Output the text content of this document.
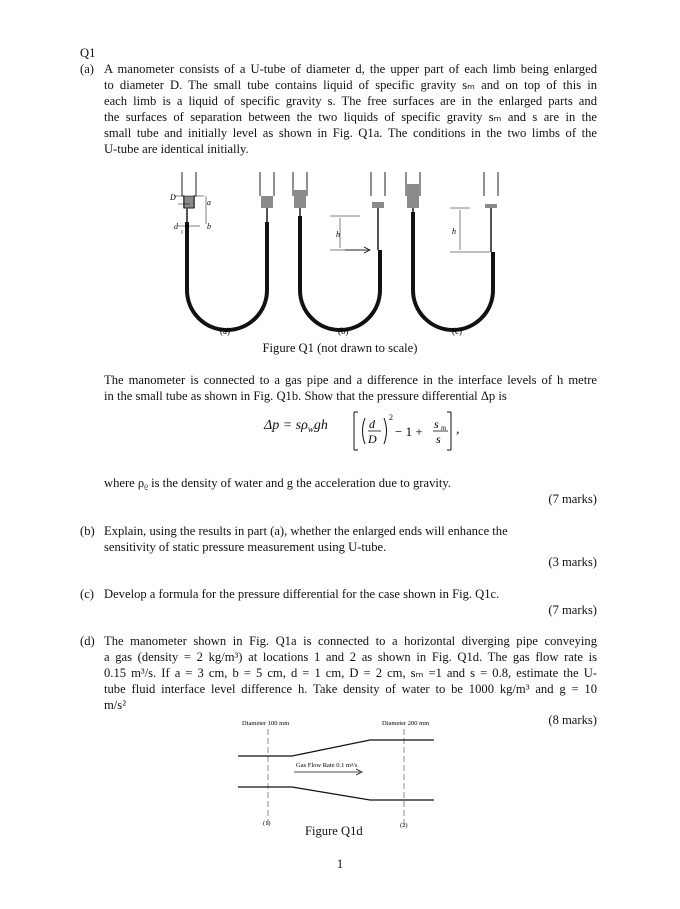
Q1
(a) A manometer consists of a U-tube of diameter d, the upper part of each limb being enlarged
to diameter D. The small tube contains liquid of specific gravity sₘ and on top of this in
each limb is a liquid of specific gravity s. The free surfaces are in the enlarged parts and
the surfaces of separation between the two liquids of specific gravity sₘ and s are in the
small tube and initially level as shown in Fig. Q1a. The conditions in the two limbs of the
U-tube are identical initially.
D
a
b
d
(a)
h
(b)
h
(c)
Figure Q1 (not drawn to scale)
The manometer is connected to a gas pipe and a difference in the interface levels of h metre
in the small tube as shown in Fig. Q1b. Show that the pressure differential Δp is
$\Delta p = s\rho_wgh$	d
D
2
− 1 + s m
s
,
where ρᵨ is the density of water and g the acceleration due to gravity.
(7 marks)
(b) Explain, using the results in part (a), whether the enlarged ends will enhance the
sensitivity of static pressure measurement using U-tube.
(3 marks)
(c) Develop a formula for the pressure differential for the case shown in Fig. Q1c.
(7 marks)
(d) The manometer shown in Fig. Q1a is connected to a horizontal diverging pipe conveying
a gas (density = 2 kg/m³) at locations 1 and 2 as shown in Fig. Q1d. The gas flow rate is
0.15 m³/s. If a = 3 cm, b = 5 cm, d = 1 cm, D = 2 cm, sₘ =1 and s = 0.8, estimate the U-
tube fluid interface level difference h. Take density of water to be 1000 kg/m³ and g = 10
m/s²
(8 marks)
Diameter 100 mm	Diameter 200 mm
Gas Flow Rate 0.1 m³/s
(1)	(2)
Figure Q1d
1
